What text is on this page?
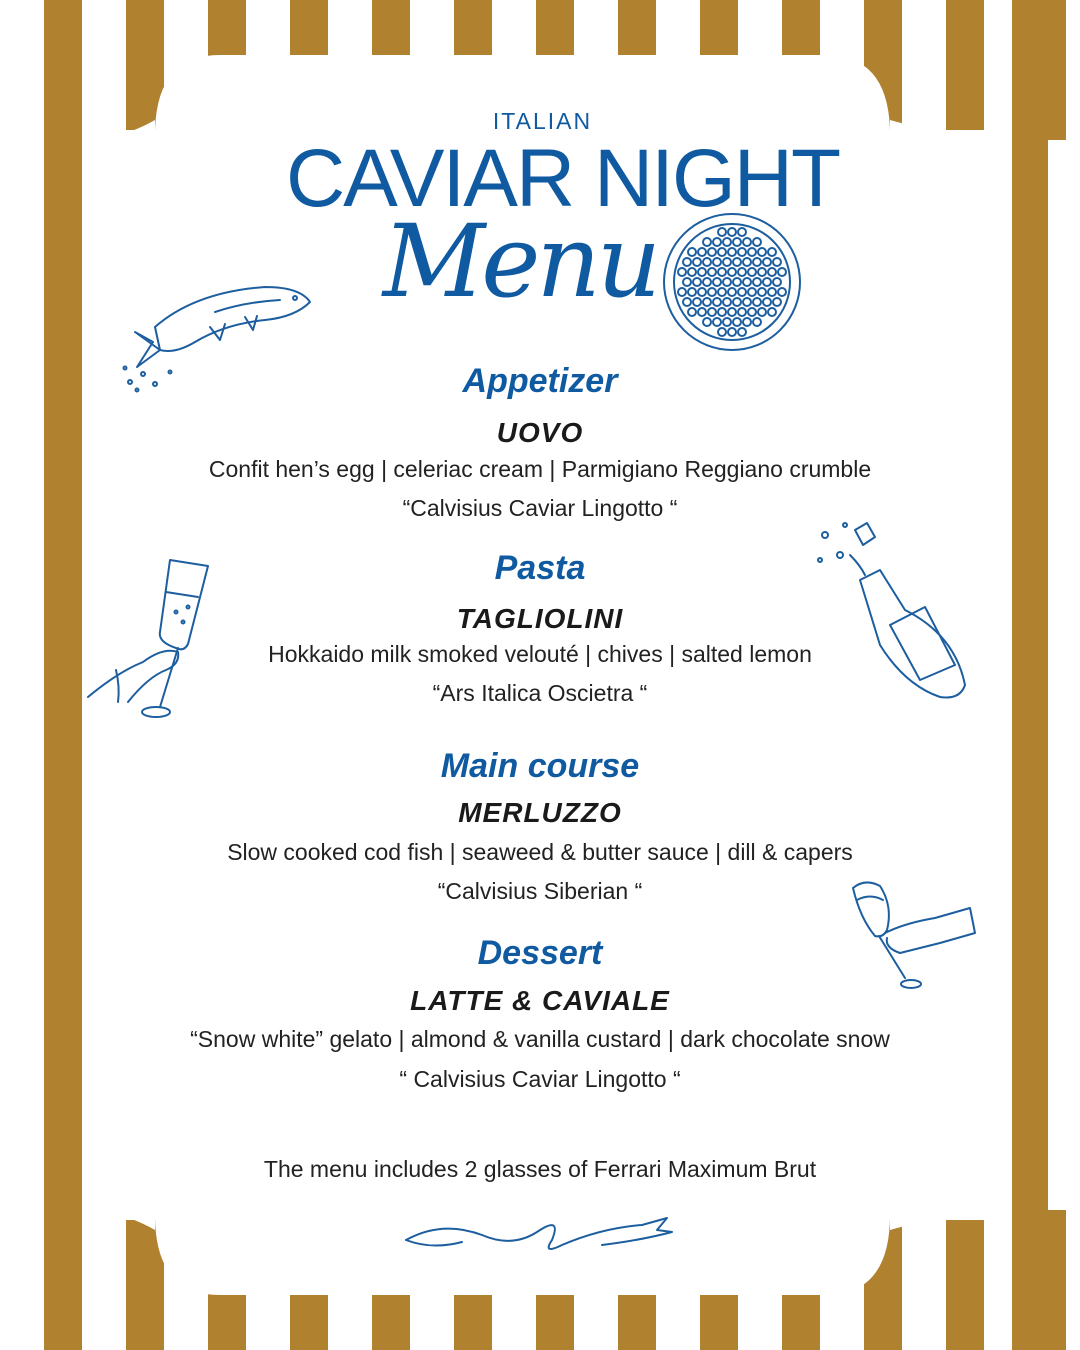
ITALIAN
CAVIAR NIGHT
Menu
Appetizer
UOVO
Confit hen’s egg | celeriac cream | Parmigiano Reggiano crumble
“Calvisius Caviar Lingotto “
Pasta
TAGLIOLINI
Hokkaido milk smoked velouté | chives | salted lemon
“Ars Italica Oscietra “
Main course
MERLUZZO
Slow cooked cod fish | seaweed & butter sauce | dill & capers
“Calvisius Siberian “
Dessert
LATTE & CAVIALE
“Snow white” gelato | almond & vanilla custard | dark chocolate snow
“ Calvisius Caviar Lingotto “
The menu includes 2 glasses of Ferrari Maximum Brut
